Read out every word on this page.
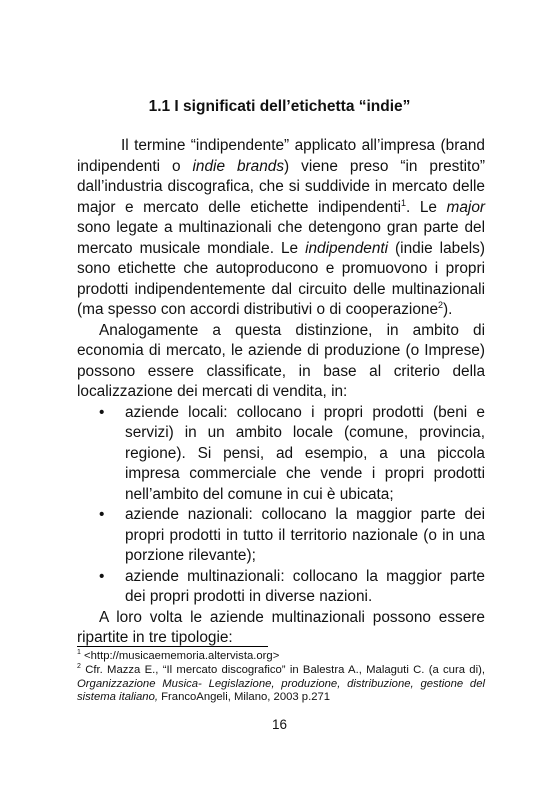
1.1 I significati dell’etichetta “indie”

Il termine “indipendente” applicato all’impresa (brand indipendenti o indie brands) viene preso “in prestito” dall’industria discografica, che si suddivide in mercato delle major e mercato delle etichette indipendenti$^1$. Le major sono legate a multinazionali che detengono gran parte del mercato musicale mondiale. Le indipendenti (indie labels) sono etichette che autoproducono e promuovono i propri prodotti indipendentemente dal circuito delle multinazionali (ma spesso con accordi distributivi o di cooperazione$^2$).

Analogamente a questa distinzione, in ambito di economia di mercato, le aziende di produzione (o Imprese) possono essere classificate, in base al criterio della localizzazione dei mercati di vendita, in:

• aziende locali: collocano i propri prodotti (beni e servizi) in un ambito locale (comune, provincia, regione). Si pensi, ad esempio, a una piccola impresa commerciale che vende i propri prodotti nell’ambito del comune in cui è ubicata;
• aziende nazionali: collocano la maggior parte dei propri prodotti in tutto il territorio nazionale (o in una porzione rilevante);
• aziende multinazionali: collocano la maggior parte dei propri prodotti in diverse nazioni.

A loro volta le aziende multinazionali possono essere ripartite in tre tipologie:

$^1$ <http://musicaememoria.altervista.org>

$^2$ Cfr. Mazza E., “Il mercato discografico” in Balestra A., Malaguti C. (a cura di), Organizzazione Musica- Legislazione, produzione, distribuzione, gestione del sistema italiano, FrancoAngeli, Milano, 2003 p.271

16
